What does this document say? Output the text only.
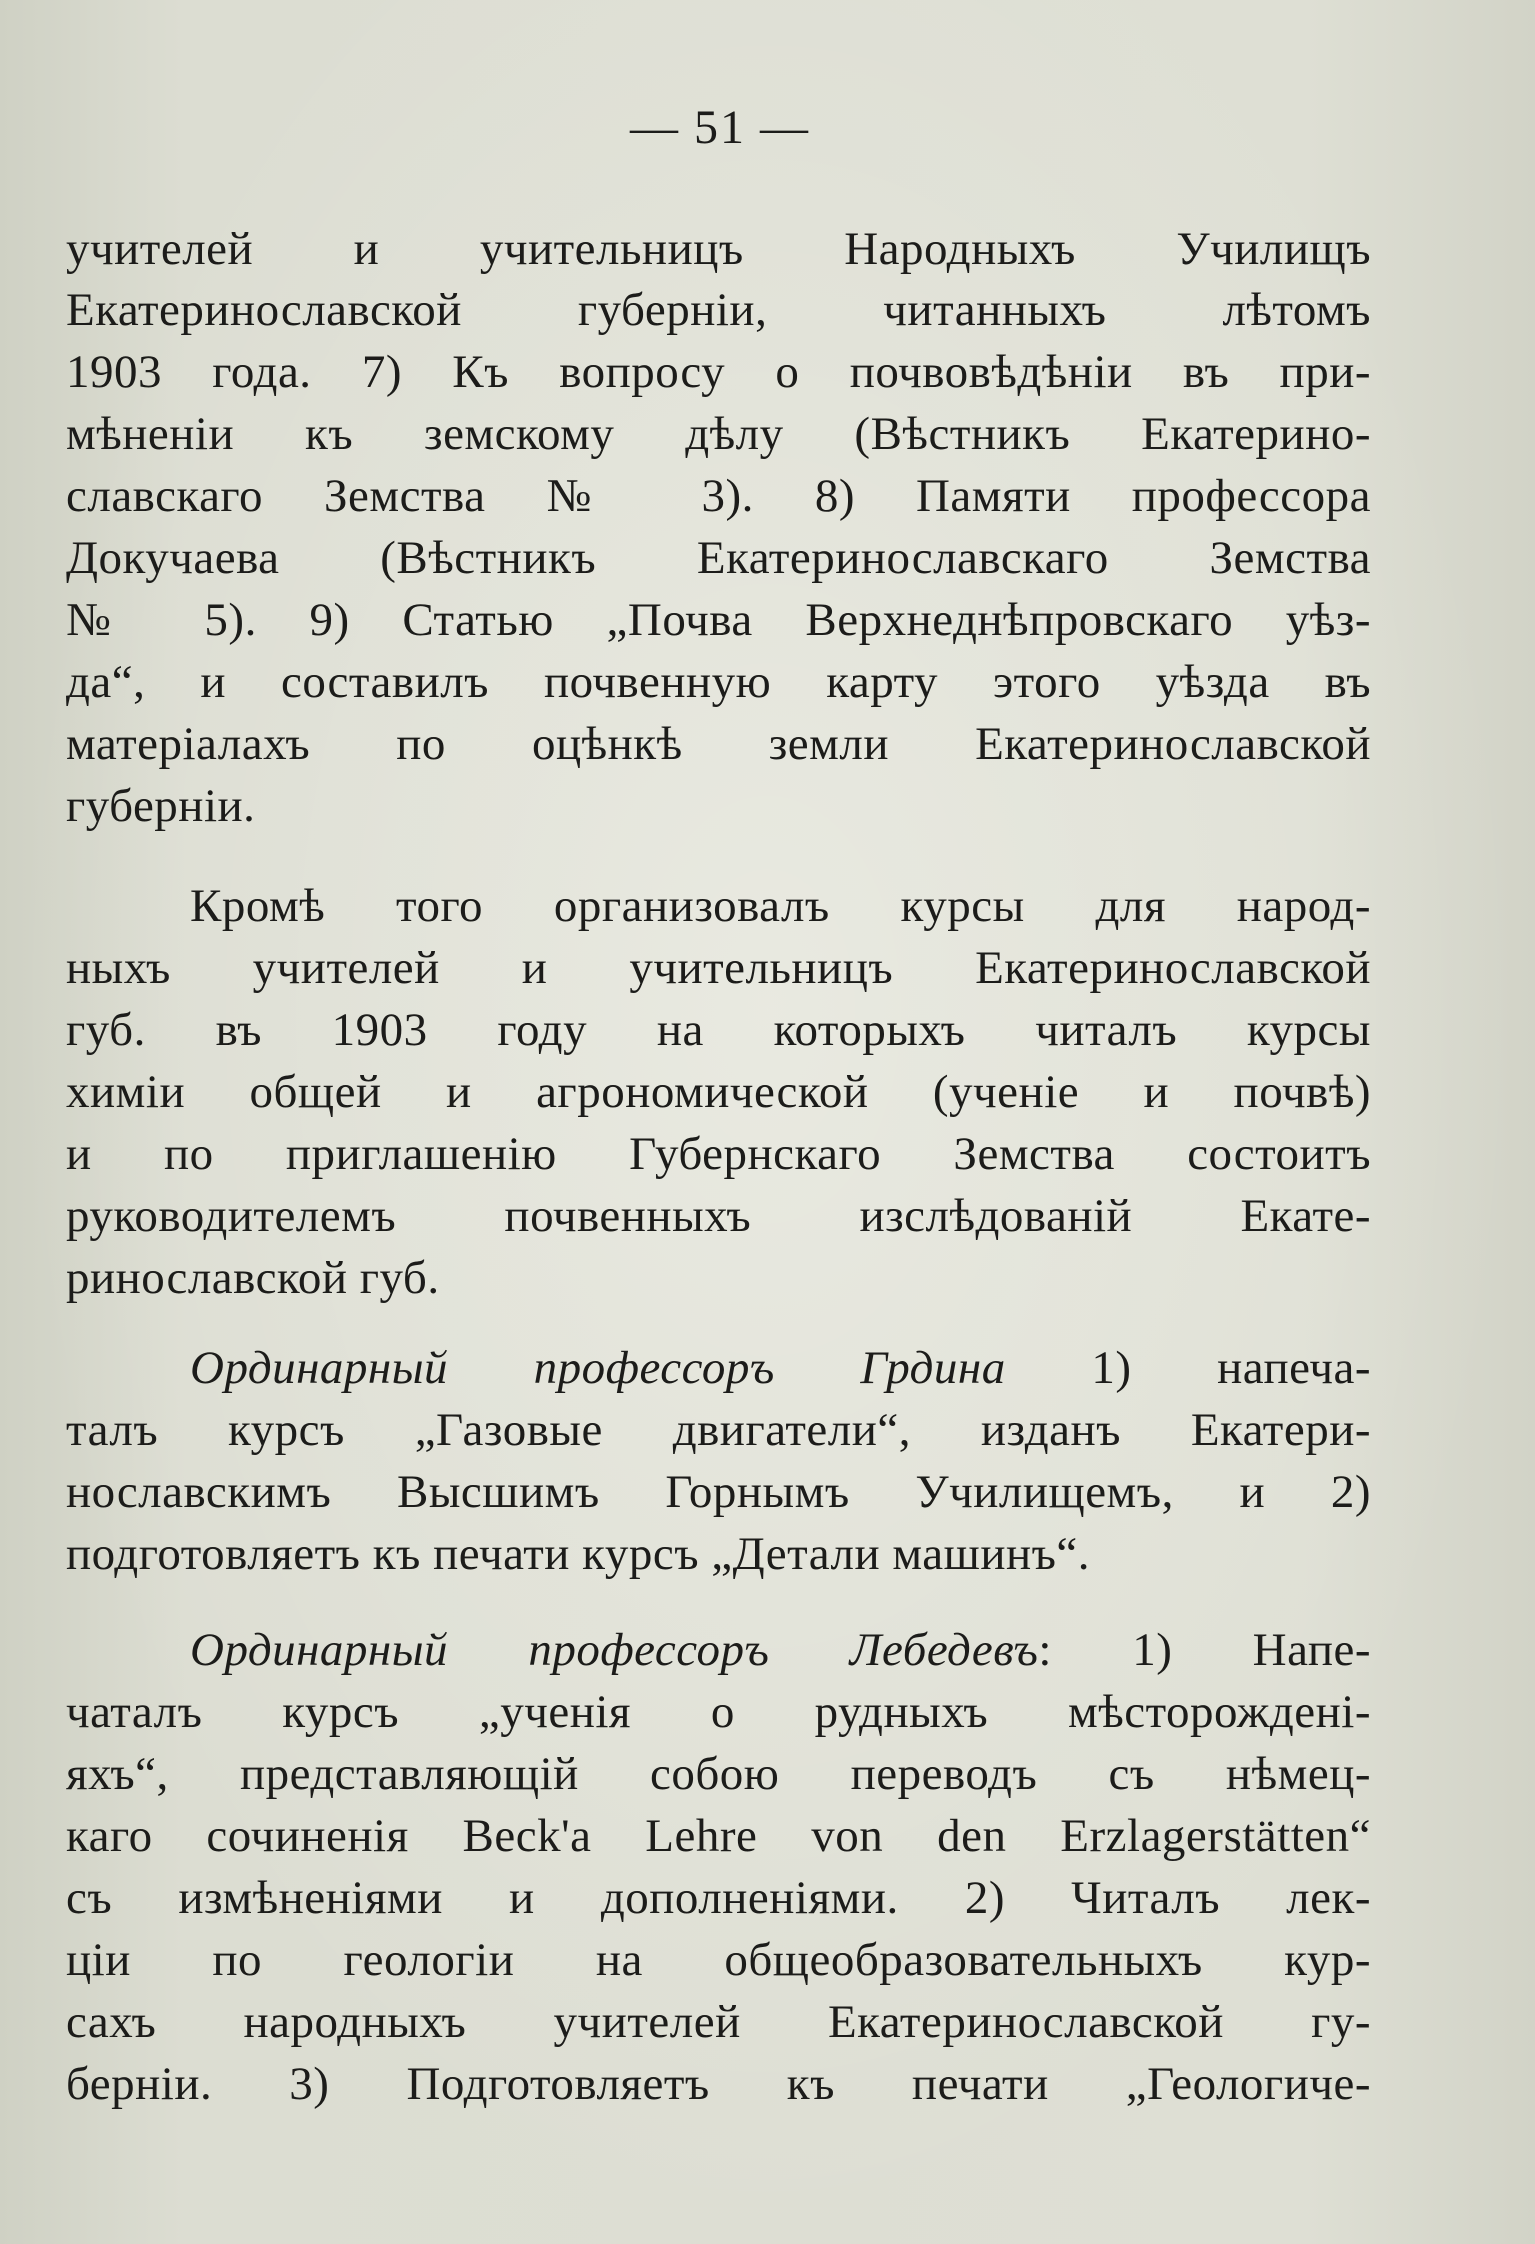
— 51 —
учителей и учительницъ Народныхъ Училищъ
Екатеринославской губерніи, читанныхъ лѣтомъ
1903 года. 7) Къ вопросу о почвовѣдѣніи въ при-
мѣненіи къ земскому дѣлу (Вѣстникъ Екатерино-
славскаго Земства № 3). 8) Памяти профессора
Докучаева (Вѣстникъ Екатеринославскаго Земства
№ 5). 9) Статью „Почва Верхнеднѣпровскаго уѣз-
да“, и составилъ почвенную карту этого уѣзда въ
матеріалахъ по оцѣнкѣ земли Екатеринославской
губерніи.
Кромѣ того организовалъ курсы для народ-
ныхъ учителей и учительницъ Екатеринославской
губ. въ 1903 году на которыхъ читалъ курсы
химіи общей и агрономической (ученіе и почвѣ)
и по приглашенію Губернскаго Земства состоитъ
руководителемъ почвенныхъ изслѣдованій Екате-
ринославской губ.
Ординарный профессоръ Грдина 1) напеча-
талъ курсъ „Газовые двигатели“, изданъ Екатери-
нославскимъ Высшимъ Горнымъ Училищемъ, и 2)
подготовляетъ къ печати курсъ „Детали машинъ“.
Ординарный профессоръ Лебедевъ: 1) Напе-
чаталъ курсъ „ученія о рудныхъ мѣсторожденi-
яхъ“, представляющій собою переводъ съ нѣмец-
каго сочиненія Beck'a Lehre von den Erzlagerstätten“
съ измѣненіями и дополненіями. 2) Читалъ лек-
ціи по геологіи на общеобразовательныхъ кур-
сахъ народныхъ учителей Екатеринославской гу-
берніи. 3) Подготовляетъ къ печати „Геологиче-
